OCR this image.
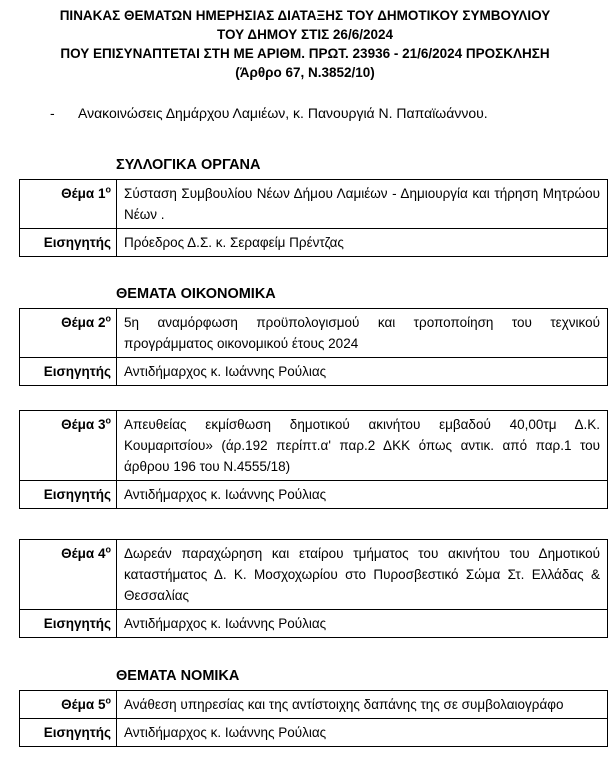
ΠΙΝΑΚΑΣ ΘΕΜΑΤΩΝ ΗΜΕΡΗΣΙΑΣ ΔΙΑΤΑΞΗΣ ΤΟΥ ΔΗΜΟΤΙΚΟΥ ΣΥΜΒΟΥΛΙΟΥ
ΤΟΥ ΔΗΜΟΥ ΣΤΙΣ 26/6/2024
ΠΟΥ ΕΠΙΣΥΝΑΠΤΕΤΑΙ ΣΤΗ ΜΕ ΑΡΙΘΜ. ΠΡΩΤ. 23936 - 21/6/2024 ΠΡΟΣΚΛΗΣΗ
(Άρθρο 67, Ν.3852/10)
- Ανακοινώσεις Δημάρχου Λαμιέων, κ. Πανουργιά Ν. Παπαϊωάννου.
ΣΥΛΛΟΓΙΚΑ ΟΡΓΑΝΑ
Θέμα $1^o$	Σύσταση Συμβουλίου Νέων Δήμου Λαμιέων - Δημιουργία και τήρηση Μητρώου Νέων .
Εισηγητής	Πρόεδρος Δ.Σ. κ. Σεραφείμ Πρέντζας
ΘΕΜΑΤΑ ΟΙΚΟΝΟΜΙΚΑ
Θέμα $2^o$	5η αναμόρφωση προϋπολογισμού και τροποποίηση του τεχνικού προγράμματος οικονομικού έτους 2024
Εισηγητής	Αντιδήμαρχος κ. Ιωάννης Ρούλιας
Θέμα $3^o$	Απευθείας εκμίσθωση δημοτικού ακινήτου εμβαδού 40,00τμ Δ.Κ. Κουμαριτσίου» (άρ.192 περίπτ.α' παρ.2 ΔΚΚ όπως αντικ. από παρ.1 του άρθρου 196 του Ν.4555/18)
Εισηγητής	Αντιδήμαρχος κ. Ιωάννης Ρούλιας
Θέμα $4^o$	Δωρεάν παραχώρηση και εταίρου τμήματος του ακινήτου του Δημοτικού καταστήματος Δ. Κ. Μοσχοχωρίου στο Πυροσβεστικό Σώμα Στ. Ελλάδας & Θεσσαλίας
Εισηγητής	Αντιδήμαρχος κ. Ιωάννης Ρούλιας
ΘΕΜΑΤΑ ΝΟΜΙΚΑ
Θέμα $5^o$	Ανάθεση υπηρεσίας και της αντίστοιχης δαπάνης της σε συμβολαιογράφο
Εισηγητής	Αντιδήμαρχος κ. Ιωάννης Ρούλιας
